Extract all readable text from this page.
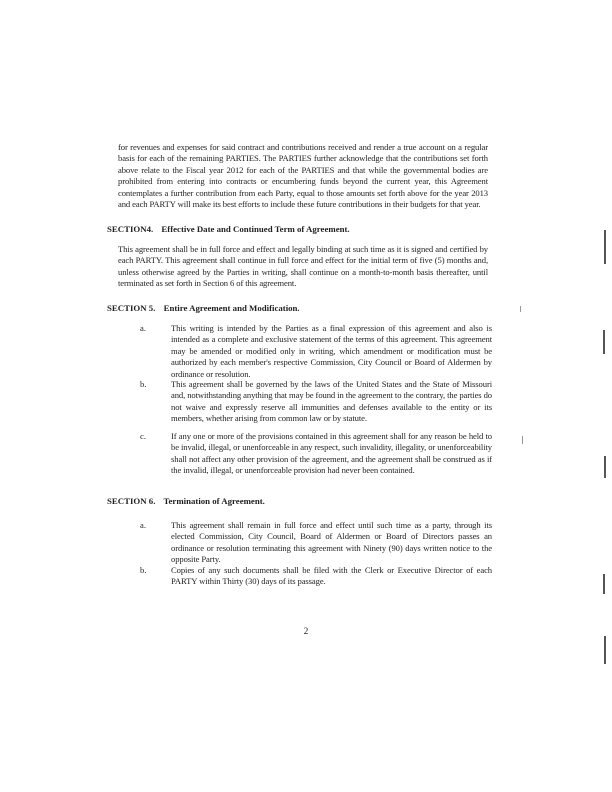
for revenues and expenses for said contract and contributions received and render a true account on a regular basis for each of the remaining PARTIES. The PARTIES further acknowledge that the contributions set forth above relate to the Fiscal year 2012 for each of the PARTIES and that while the governmental bodies are prohibited from entering into contracts or encumbering funds beyond the current year, this Agreement contemplates a further contribution from each Party, equal to those amounts set forth above for the year 2013 and each PARTY will make its best efforts to include these future contributions in their budgets for that year.
SECTION4. Effective Date and Continued Term of Agreement.
This agreement shall be in full force and effect and legally binding at such time as it is signed and certified by each PARTY. This agreement shall continue in full force and effect for the initial term of five (5) months and, unless otherwise agreed by the Parties in writing, shall continue on a month-to-month basis thereafter, until terminated as set forth in Section 6 of this agreement.
SECTION 5. Entire Agreement and Modification.
a.	This writing is intended by the Parties as a final expression of this agreement and also is intended as a complete and exclusive statement of the terms of this agreement. This agreement may be amended or modified only in writing, which amendment or modification must be authorized by each member's respective Commission, City Council or Board of Aldermen by ordinance or resolution.
b.	This agreement shall be governed by the laws of the United States and the State of Missouri and, notwithstanding anything that may be found in the agreement to the contrary, the parties do not waive and expressly reserve all immunities and defenses available to the entity or its members, whether arising from common law or by statute.
c.	If any one or more of the provisions contained in this agreement shall for any reason be held to be invalid, illegal, or unenforceable in any respect, such invalidity, illegality, or unenforceability shall not affect any other provision of the agreement, and the agreement shall be construed as if the invalid, illegal, or unenforceable provision had never been contained.
SECTION 6. Termination of Agreement.
a.	This agreement shall remain in full force and effect until such time as a party, through its elected Commission, City Council, Board of Aldermen or Board of Directors passes an ordinance or resolution terminating this agreement with Ninety (90) days written notice to the opposite Party.
b.	Copies of any such documents shall be filed with the Clerk or Executive Director of each PARTY within Thirty (30) days of its passage.
2
